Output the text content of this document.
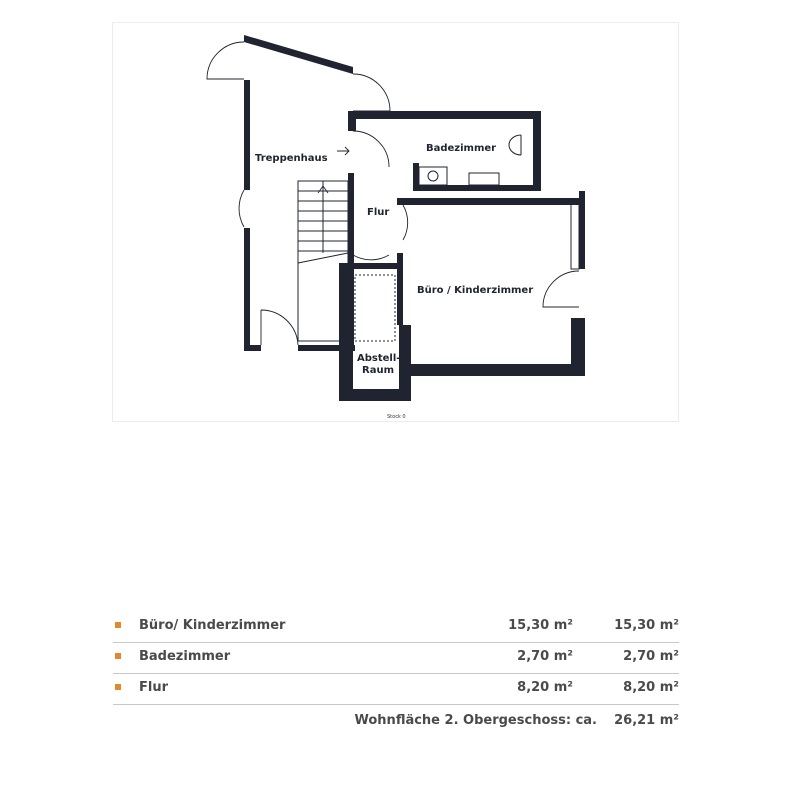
Treppenhaus
Badezimmer
Flur
Büro / Kinderzimmer
Abstell-
Raum
Stock 0
Büro/ Kinderzimmer	15,30 m²	15,30 m²
Badezimmer	2,70 m²	2,70 m²
Flur	8,20 m²	8,20 m²
Wohnfläche 2. Obergeschoss: ca. 26,21 m²
